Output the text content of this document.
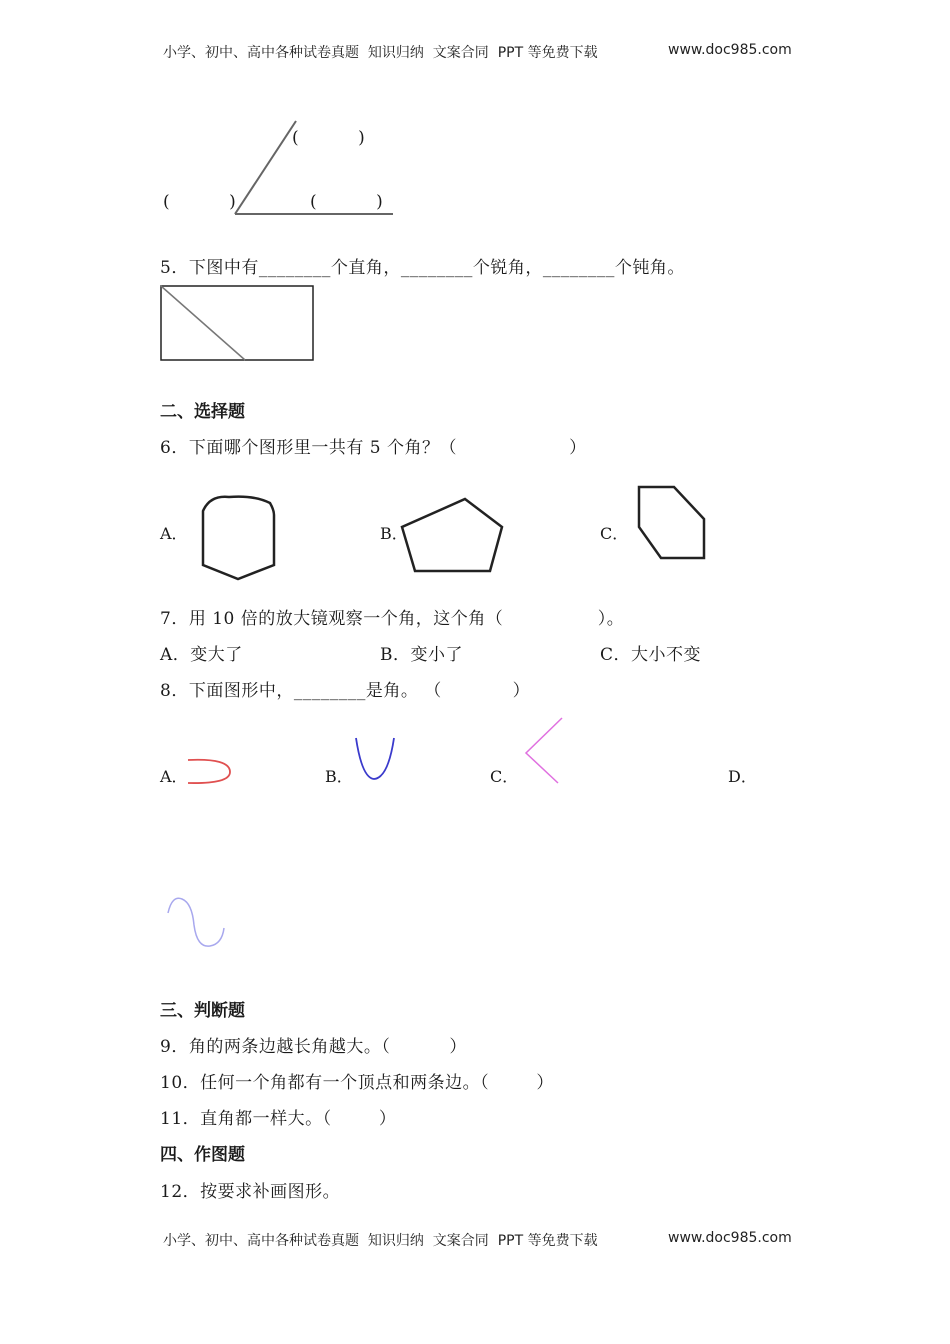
小学、初中、高中各种试卷真题  知识归纳  文案合同  PPT 等免费下载	www.doc985.com
(          )
(          )	(          )
5．下图中有________个直角，________个锐角，________个钝角。
二、选择题
6．下面哪个图形里一共有 5 个角？（                   ）
A．	B．	C．
7．用 10 倍的放大镜观察一个角，这个角（                ）。
A．变大了	B．变小了	C．大小不变
8．下面图形中，________是角。 （            ）
A．	B．	C．	D．
三、判断题
9．角的两条边越长角越大。（          ）
10．任何一个角都有一个顶点和两条边。（        ）
11．直角都一样大。（        ）
四、作图题
12．按要求补画图形。
小学、初中、高中各种试卷真题  知识归纳  文案合同  PPT 等免费下载	www.doc985.com
